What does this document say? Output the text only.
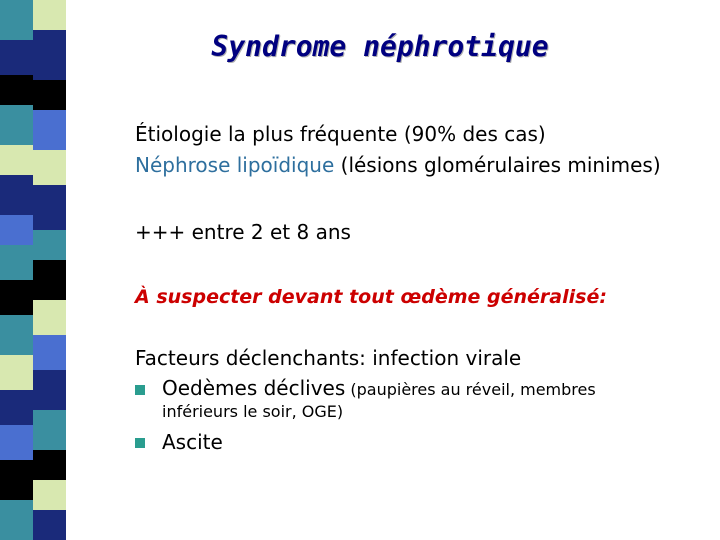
Syndrome néphrotique
Étiologie la plus fréquente (90% des cas)
Néphrose lipoïdique (lésions glomérulaires minimes)
+++ entre 2 et 8 ans
À suspecter devant tout œdème généralisé:
Facteurs déclenchants: infection virale
Oedèmes déclives (paupières au réveil, membres
inférieurs le soir, OGE)
Ascite
